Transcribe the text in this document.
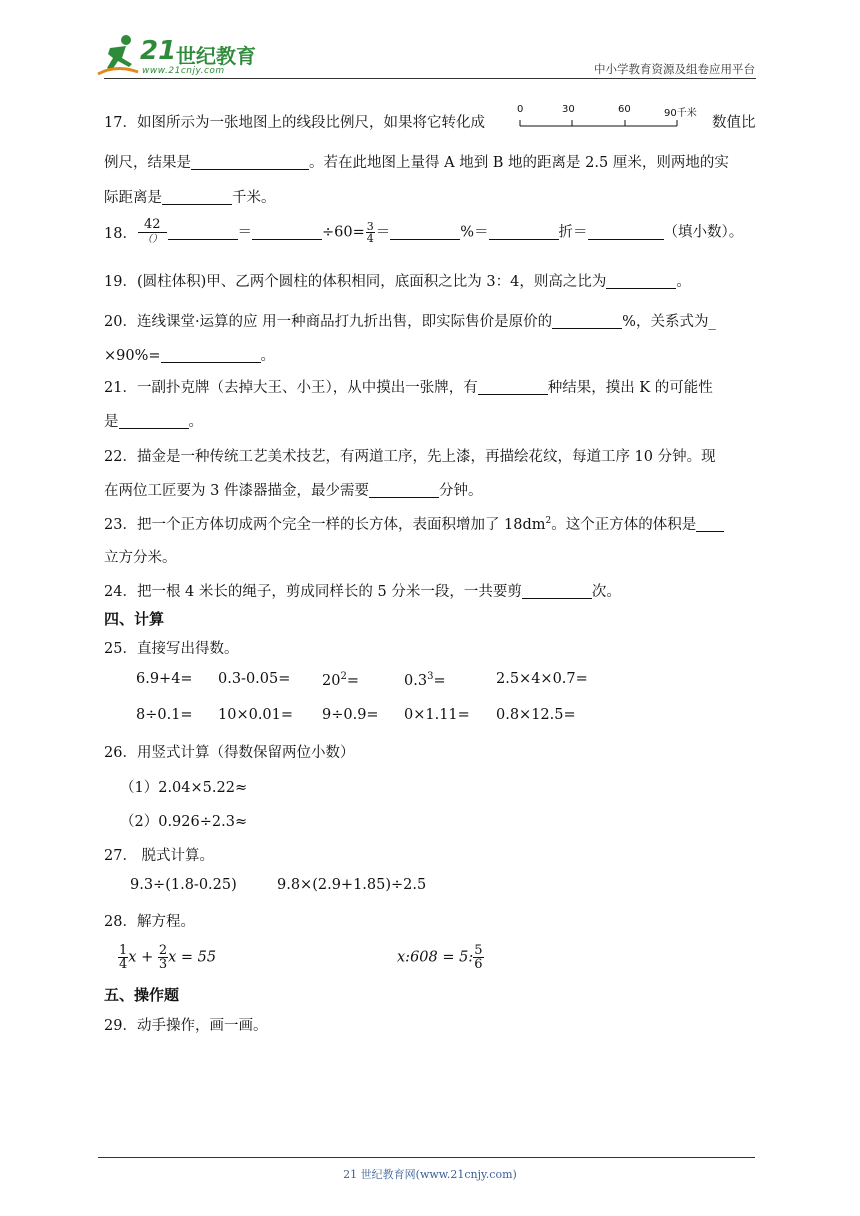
21 世纪教育
www.21cnjy.com	中小学教育资源及组卷应用平台
17．如图所示为一张地图上的线段比例尺，如果将它转化成
0	30	60	90千米
数值比
例尺，结果是	。若在此地图上量得 A 地到 B 地的距离是 2.5 厘米，则两地的实
际距离是	千米。
18． $\frac{42}{()}$	＝	$\div 60= \frac{3}{4}$ ＝	%＝	折＝	（填小数）。
19．(圆柱体积)甲、乙两个圆柱的体积相同，底面积之比为 3：4，则高之比为	。
20．连线课堂·运算的应 用一种商品打九折出售，即实际售价是原价的	%，关系式为_
×90%=	。
21．一副扑克牌（去掉大王、小王），从中摸出一张牌，有	种结果，摸出 K 的可能性
是	。
22．描金是一种传统工艺美术技艺，有两道工序，先上漆，再描绘花纹，每道工序 10 分钟。现
在两位工匠要为 3 件漆器描金，最少需要	分钟。
23．把一个正方体切成两个完全一样的长方体，表面积增加了 $18dm^2$。这个正方体的体积是
立方分米。
24．把一根 4 米长的绳子，剪成同样长的 5 分米一段，一共要剪	次。
四、计算
25．直接写出得数。
$6.9+4= 0.3-0.05= 20^2=$	$0.3^3=$	2.5×4×0.7=
8÷0.1= 10×0.01= 9÷0.9= 0×1.11= 0.8×12.5=
26．用竖式计算（得数保留两位小数）
（1）2.04×5.22≈
（2）0.926÷2.3≈
27． 脱式计算。
9.3÷(1.8-0.25)	9.8×(2.9+1.85)÷2.5
28．解方程。
$\frac{1}{4}$ $x + \frac{2}{3}$ x = 55	x:608 = 5: $\frac{5}{6}$
五、操作题
29．动手操作，画一画。
21 世纪教育网(www.21cnjy.com)
